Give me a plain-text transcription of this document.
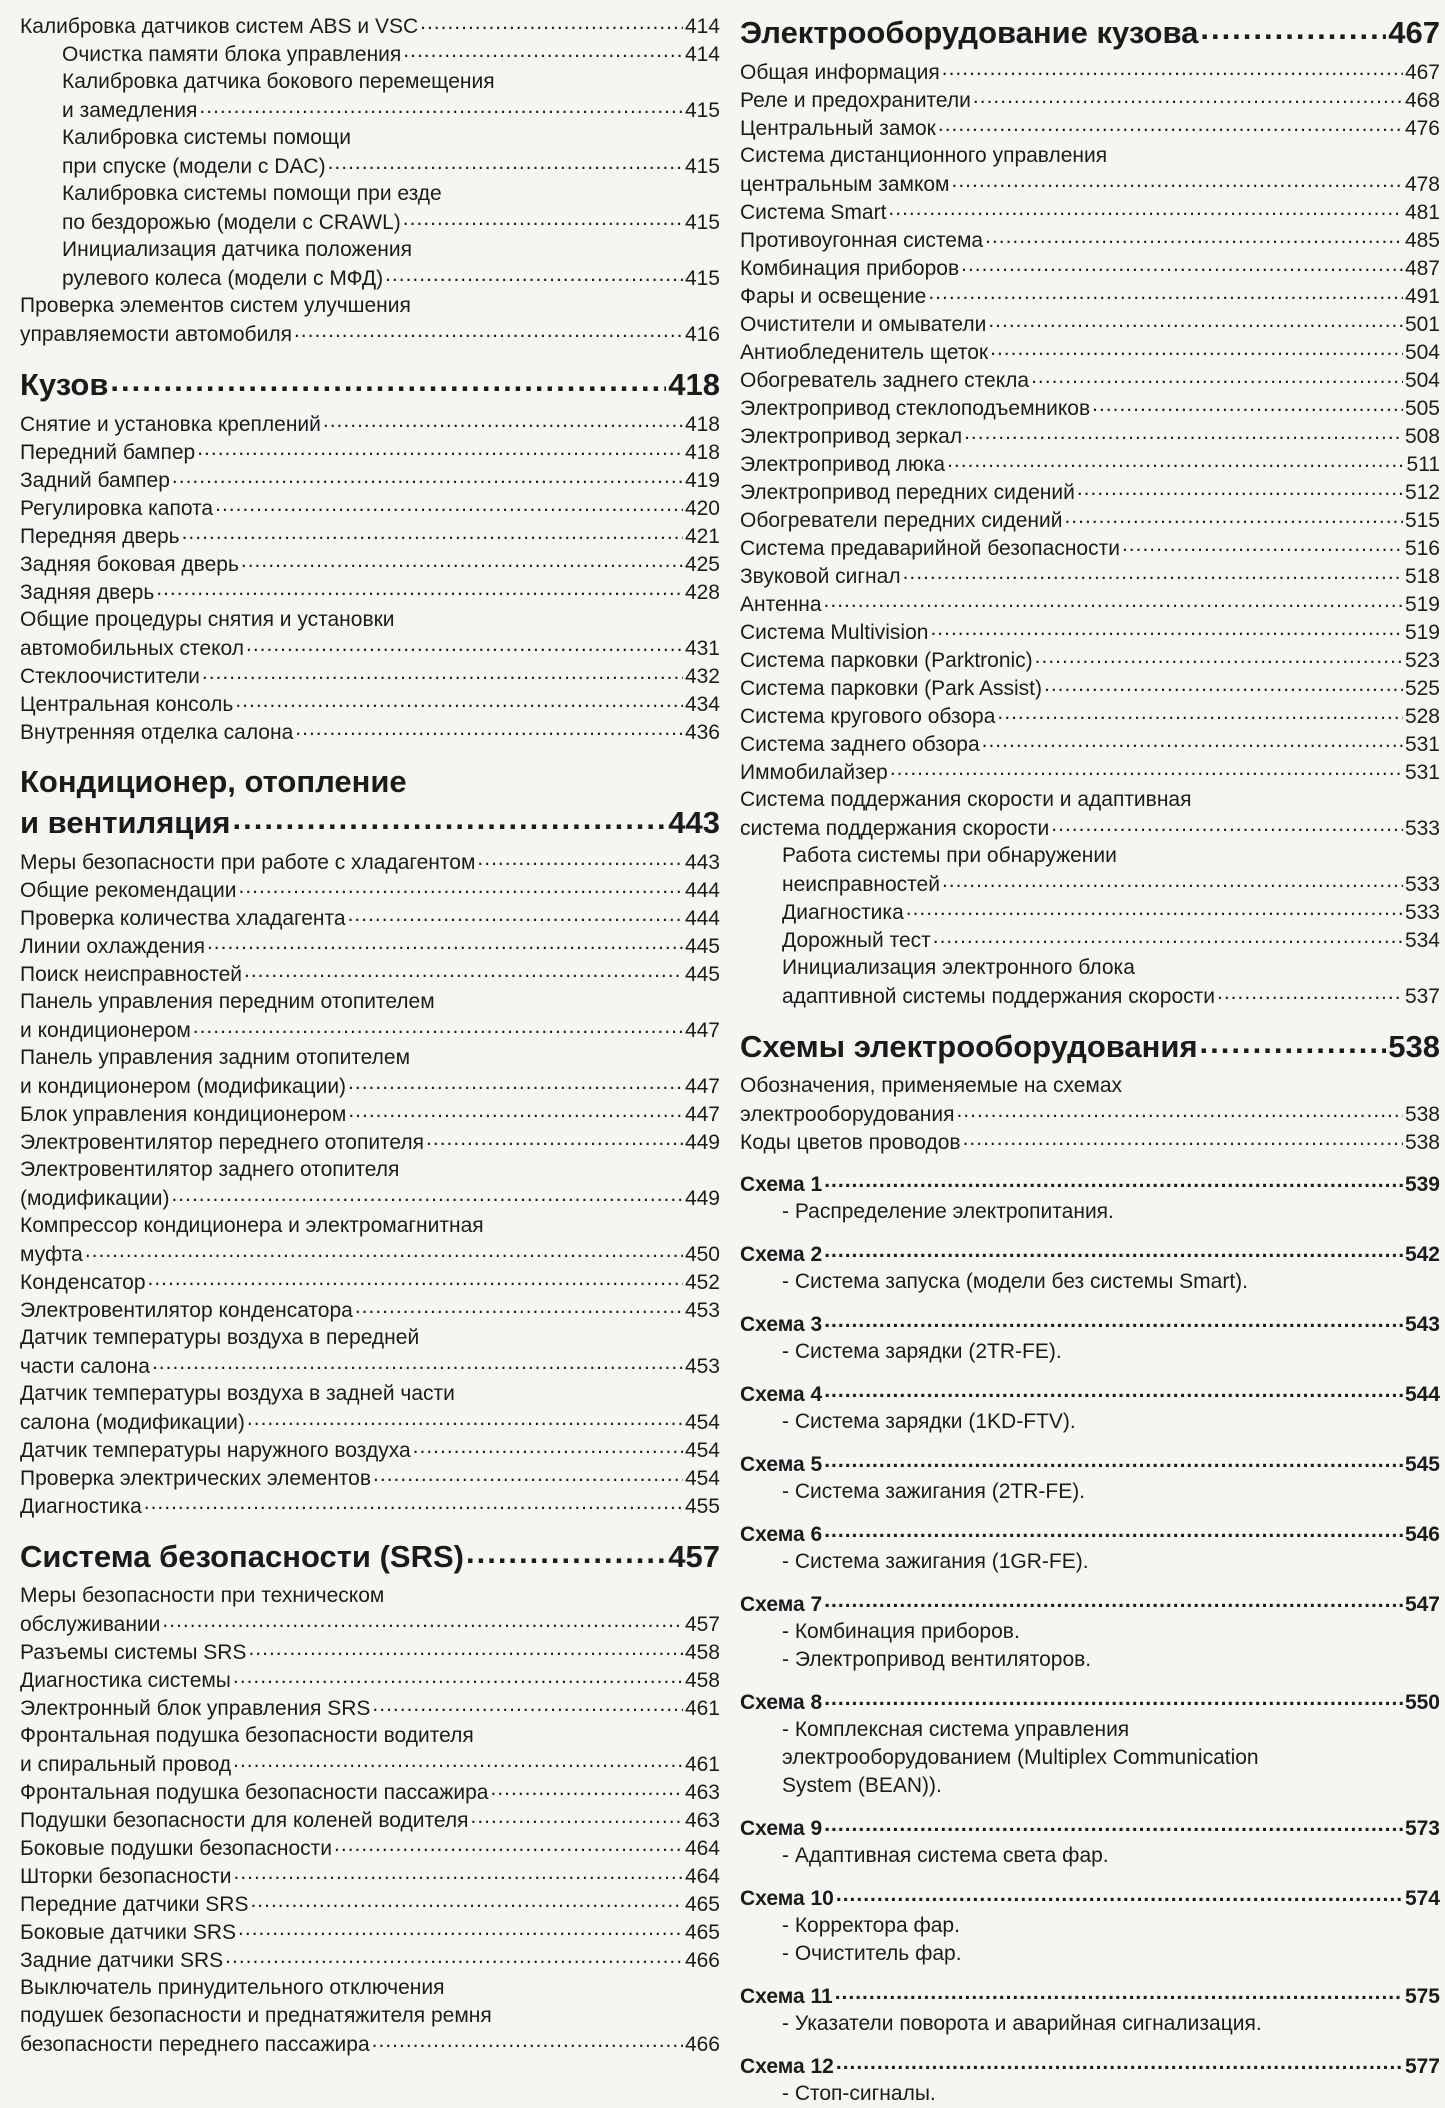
Калибровка датчиков систем ABS и VSC .....	414
Очистка памяти блока управления .....	414
Калибровка датчика бокового перемещения
и замедления .....	415
Калибровка системы помощи
при спуске (модели с DAC) .....	415
Калибровка системы помощи при езде
по бездорожью (модели с CRAWL) .....	415
Инициализация датчика положения
рулевого колеса (модели с МФД) .....	415
Проверка элементов систем улучшения
управляемости автомобиля .....	416
Кузов .....	418
Снятие и установка креплений .....	418
Передний бампер .....	418
Задний бампер .....	419
Регулировка капота .....	420
Передняя дверь .....	421
Задняя боковая дверь .....	425
Задняя дверь .....	428
Общие процедуры снятия и установки
автомобильных стекол .....	431
Стеклоочистители .....	432
Центральная консоль .....	434
Внутренняя отделка салона .....	436
Кондиционер, отопление
и вентиляция .....	443
Меры безопасности при работе с хладагентом .....	443
Общие рекомендации .....	444
Проверка количества хладагента .....	444
Линии охлаждения .....	445
Поиск неисправностей .....	445
Панель управления передним отопителем
и кондиционером .....	447
Панель управления задним отопителем
и кондиционером (модификации) .....	447
Блок управления кондиционером .....	447
Электровентилятор переднего отопителя .....	449
Электровентилятор заднего отопителя
(модификации) .....	449
Компрессор кондиционера и электромагнитная
муфта .....	450
Конденсатор .....	452
Электровентилятор конденсатора .....	453
Датчик температуры воздуха в передней
части салона .....	453
Датчик температуры воздуха в задней части
салона (модификации) .....	454
Датчик температуры наружного воздуха .....	454
Проверка электрических элементов .....	454
Диагностика .....	455
Система безопасности (SRS) .....	457
Меры безопасности при техническом
обслуживании .....	457
Разъемы системы SRS .....	458
Диагностика системы .....	458
Электронный блок управления SRS .....	461
Фронтальная подушка безопасности водителя
и спиральный провод .....	461
Фронтальная подушка безопасности пассажира .....	463
Подушки безопасности для коленей водителя .....	463
Боковые подушки безопасности .....	464
Шторки безопасности .....	464
Передние датчики SRS .....	465
Боковые датчики SRS .....	465
Задние датчики SRS .....	466
Выключатель принудительного отключения
подушек безопасности и преднатяжителя ремня
безопасности переднего пассажира .....	466
Электрооборудование кузова .....	467
Общая информация .....	467
Реле и предохранители .....	468
Центральный замок .....	476
Система дистанционного управления
центральным замком .....	478
Система Smart .....	481
Противоугонная система .....	485
Комбинация приборов .....	487
Фары и освещение .....	491
Очистители и омыватели .....	501
Антиобледенитель щеток .....	504
Обогреватель заднего стекла .....	504
Электропривод стеклоподъемников .....	505
Электропривод зеркал .....	508
Электропривод люка .....	511
Электропривод передних сидений .....	512
Обогреватели передних сидений .....	515
Система предаварийной безопасности .....	516
Звуковой сигнал .....	518
Антенна .....	519
Система Multivision .....	519
Система парковки (Parktronic) .....	523
Система парковки (Park Assist) .....	525
Система кругового обзора .....	528
Система заднего обзора .....	531
Иммобилайзер .....	531
Система поддержания скорости и адаптивная
система поддержания скорости .....	533
Работа системы при обнаружении
неисправностей .....	533
Диагностика .....	533
Дорожный тест .....	534
Инициализация электронного блока
адаптивной системы поддержания скорости .....	537
Схемы электрооборудования .....	538
Обозначения, применяемые на схемах
электрооборудования .....	538
Коды цветов проводов .....	538
Схема 1 .....	539
- Распределение электропитания.
Схема 2 .....	542
- Система запуска (модели без системы Smart).
Схема 3 .....	543
- Система зарядки (2TR-FE).
Схема 4 .....	544
- Система зарядки (1KD-FTV).
Схема 5 .....	545
- Система зажигания (2TR-FE).
Схема 6 .....	546
- Система зажигания (1GR-FE).
Схема 7 .....	547
- Комбинация приборов.
- Электропривод вентиляторов.
Схема 8 .....	550
- Комплексная система управления
электрооборудованием (Multiplex Communication
System (BEAN)).
Схема 9 .....	573
- Адаптивная система света фар.
Схема 10 .....	574
- Корректора фар.
- Очиститель фар.
Схема 11 .....	575
- Указатели поворота и аварийная сигнализация.
Схема 12 .....	577
- Стоп-сигналы.
